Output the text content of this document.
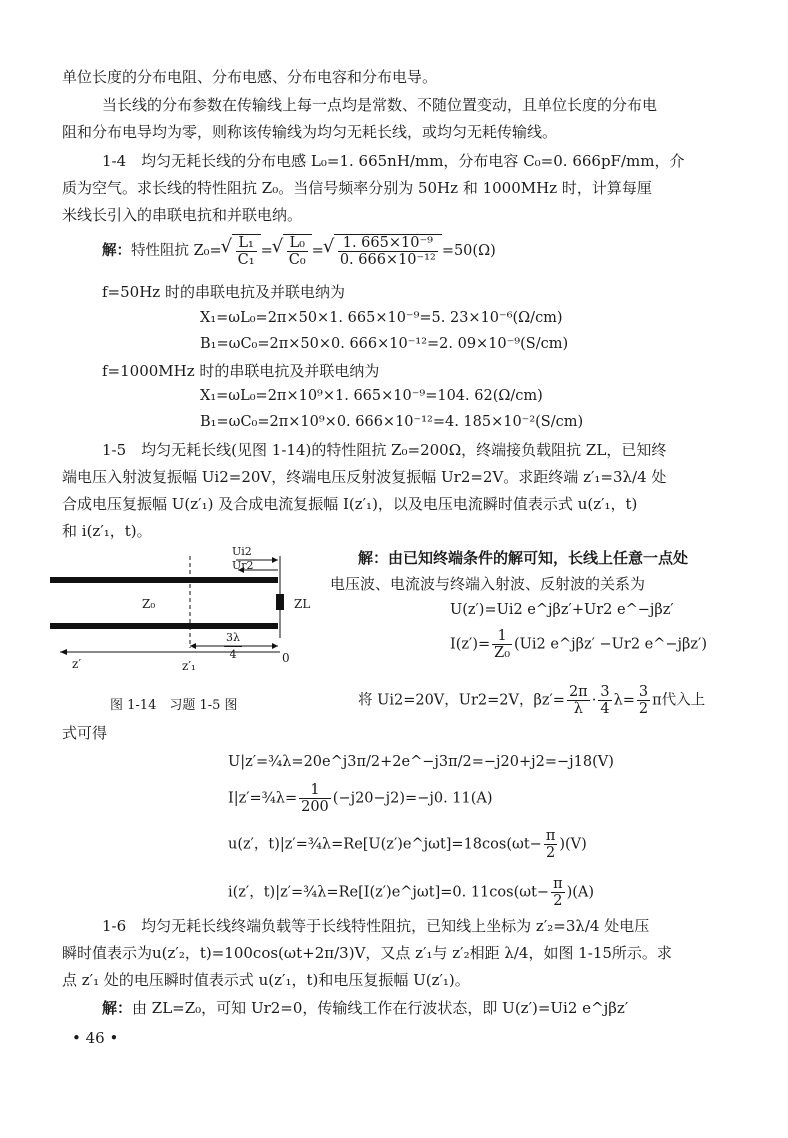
单位长度的分布电阻、分布电感、分布电容和分布电导。
当长线的分布参数在传输线上每一点均是常数、不随位置变动，且单位长度的分布电
阻和分布电导均为零，则称该传输线为均匀无耗长线，或均匀无耗传输线。
1-4　均匀无耗长线的分布电感 L₀=1. 665nH/mm，分布电容 C₀=0. 666pF/mm，介
质为空气。求长线的特性阻抗 Z₀。当信号频率分别为 50Hz 和 1000MHz 时，计算每厘
米线长引入的串联电抗和并联电纳。
解：特性阻抗 Z₀= √ $\frac{\text{L₁}}{\text{C₁}}$ = √ $\frac{\text{L₀}}{\text{C₀}}$ = √ $\frac{\text{1. 665×10⁻⁹}}{\text{0. 666×10⁻¹²}} =50(\Omega)$
f=50Hz 时的串联电抗及并联电纳为
X₁=ωL₀=2π×50×1. 665×10⁻⁹=5. 23×10⁻⁶(Ω/cm)
B₁=ωC₀=2π×50×0. 666×10⁻¹²=2. 09×10⁻⁹(S/cm)
f=1000MHz 时的串联电抗及并联电纳为
X₁=ωL₀=2π×10⁹×1. 665×10⁻⁹=104. 62(Ω/cm)
B₁=ωC₀=2π×10⁹×0. 666×10⁻¹²=4. 185×10⁻²(S/cm)
1-5　均匀无耗长线(见图 1-14)的特性阻抗 Z₀=200Ω，终端接负载阻抗 ZL，已知终
端电压入射波复振幅 Ui2=20V，终端电压反射波复振幅 Ur2=2V。求距终端 z′₁=3λ/4 处
合成电压复振幅 U(z′₁) 及合成电流复振幅 I(z′₁)，以及电压电流瞬时值表示式 u(z′₁，t)
和 i(z′₁，t)。
Ui2
Ur2
Z₀	ZL
$\frac{3\lambda}{4}$	0
z′	z′₁
图 1-14　习题 1-5 图
解：由已知终端条件的解可知，长线上任意一点处
电压波、电流波与终端入射波、反射波的关系为
U(z′)=Ui2 e^jβz′+Ur2 e^−jβz′
$I(z')= \frac{1}{\text{Z₀}} (Ui2$ e^jβz′ −Ur2 e^−jβz′)
将 Ui2=20V，Ur2=2V，$\beta z'= \frac{2\pi}{\lambda} \cdot \frac{3}{4} \lambda= \frac{3}{2}$ π代入上
式可得
U|z′=¾λ=20e^j3π/2+2e^−j3π/2=−j20+j2=−j18(V)
I|z′=¾λ= $\frac{1}{200} (-j20-j2)=-j0$. 11(A)
u(z′，t)|z′=¾λ=Re[U(z′)e^jωt]=18cos(ωt− $\frac{\pi}{2} )(V)$
i(z′，t)|z′=¾λ=Re[I(z′)e^jωt]=0. $11\cos(\omega t- \frac{\pi}{2} )(A)$
1-6　均匀无耗长线终端负载等于长线特性阻抗，已知线上坐标为 z′₂=3λ/4 处电压
瞬时值表示为u(z′₂，t)=100cos(ωt+2π/3)V，又点 z′₁与 z′₂相距 λ/4，如图 1-15所示。求
点 z′₁ 处的电压瞬时值表示式 u(z′₁，t)和电压复振幅 U(z′₁)。
解：由 ZL=Z₀，可知 Ur2=0，传输线工作在行波状态，即 U(z′)=Ui2 e^jβz′
• 46 •
